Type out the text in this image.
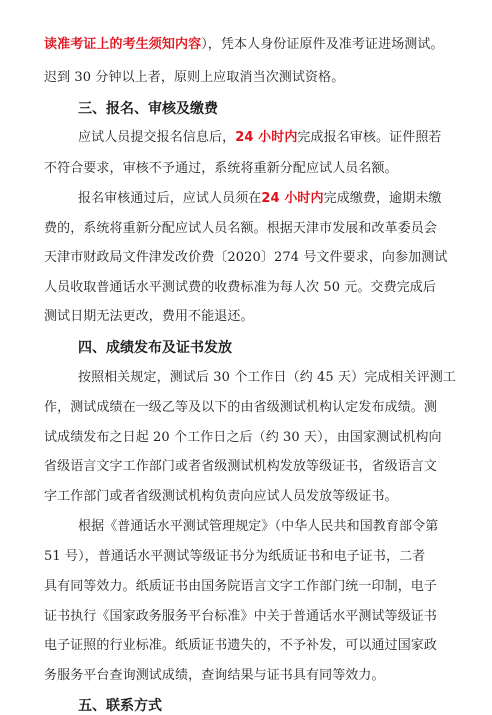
读准考证上的考生须知内容），凭本人身份证原件及准考证进场测试。
迟到 30 分钟以上者，原则上应取消当次测试资格。
三、报名、审核及缴费
应试人员提交报名信息后，24 小时内完成报名审核。证件照若
不符合要求，审核不予通过，系统将重新分配应试人员名额。
报名审核通过后，应试人员须在24 小时内完成缴费，逾期未缴
费的，系统将重新分配应试人员名额。根据天津市发展和改革委员会
天津市财政局文件津发改价费〔2020〕274 号文件要求，向参加测试
人员收取普通话水平测试费的收费标准为每人次 50 元。交费完成后
测试日期无法更改，费用不能退还。
四、成绩发布及证书发放
按照相关规定，测试后 30 个工作日（约 45 天）完成相关评测工
作，测试成绩在一级乙等及以下的由省级测试机构认定发布成绩。测
试成绩发布之日起 20 个工作日之后（约 30 天），由国家测试机构向
省级语言文字工作部门或者省级测试机构发放等级证书，省级语言文
字工作部门或者省级测试机构负责向应试人员发放等级证书。
根据《普通话水平测试管理规定》（中华人民共和国教育部令第
51 号），普通话水平测试等级证书分为纸质证书和电子证书，二者
具有同等效力。纸质证书由国务院语言文字工作部门统一印制，电子
证书执行《国家政务服务平台标准》中关于普通话水平测试等级证书
电子证照的行业标准。纸质证书遗失的，不予补发，可以通过国家政
务服务平台查询测试成绩，查询结果与证书具有同等效力。
五、联系方式
